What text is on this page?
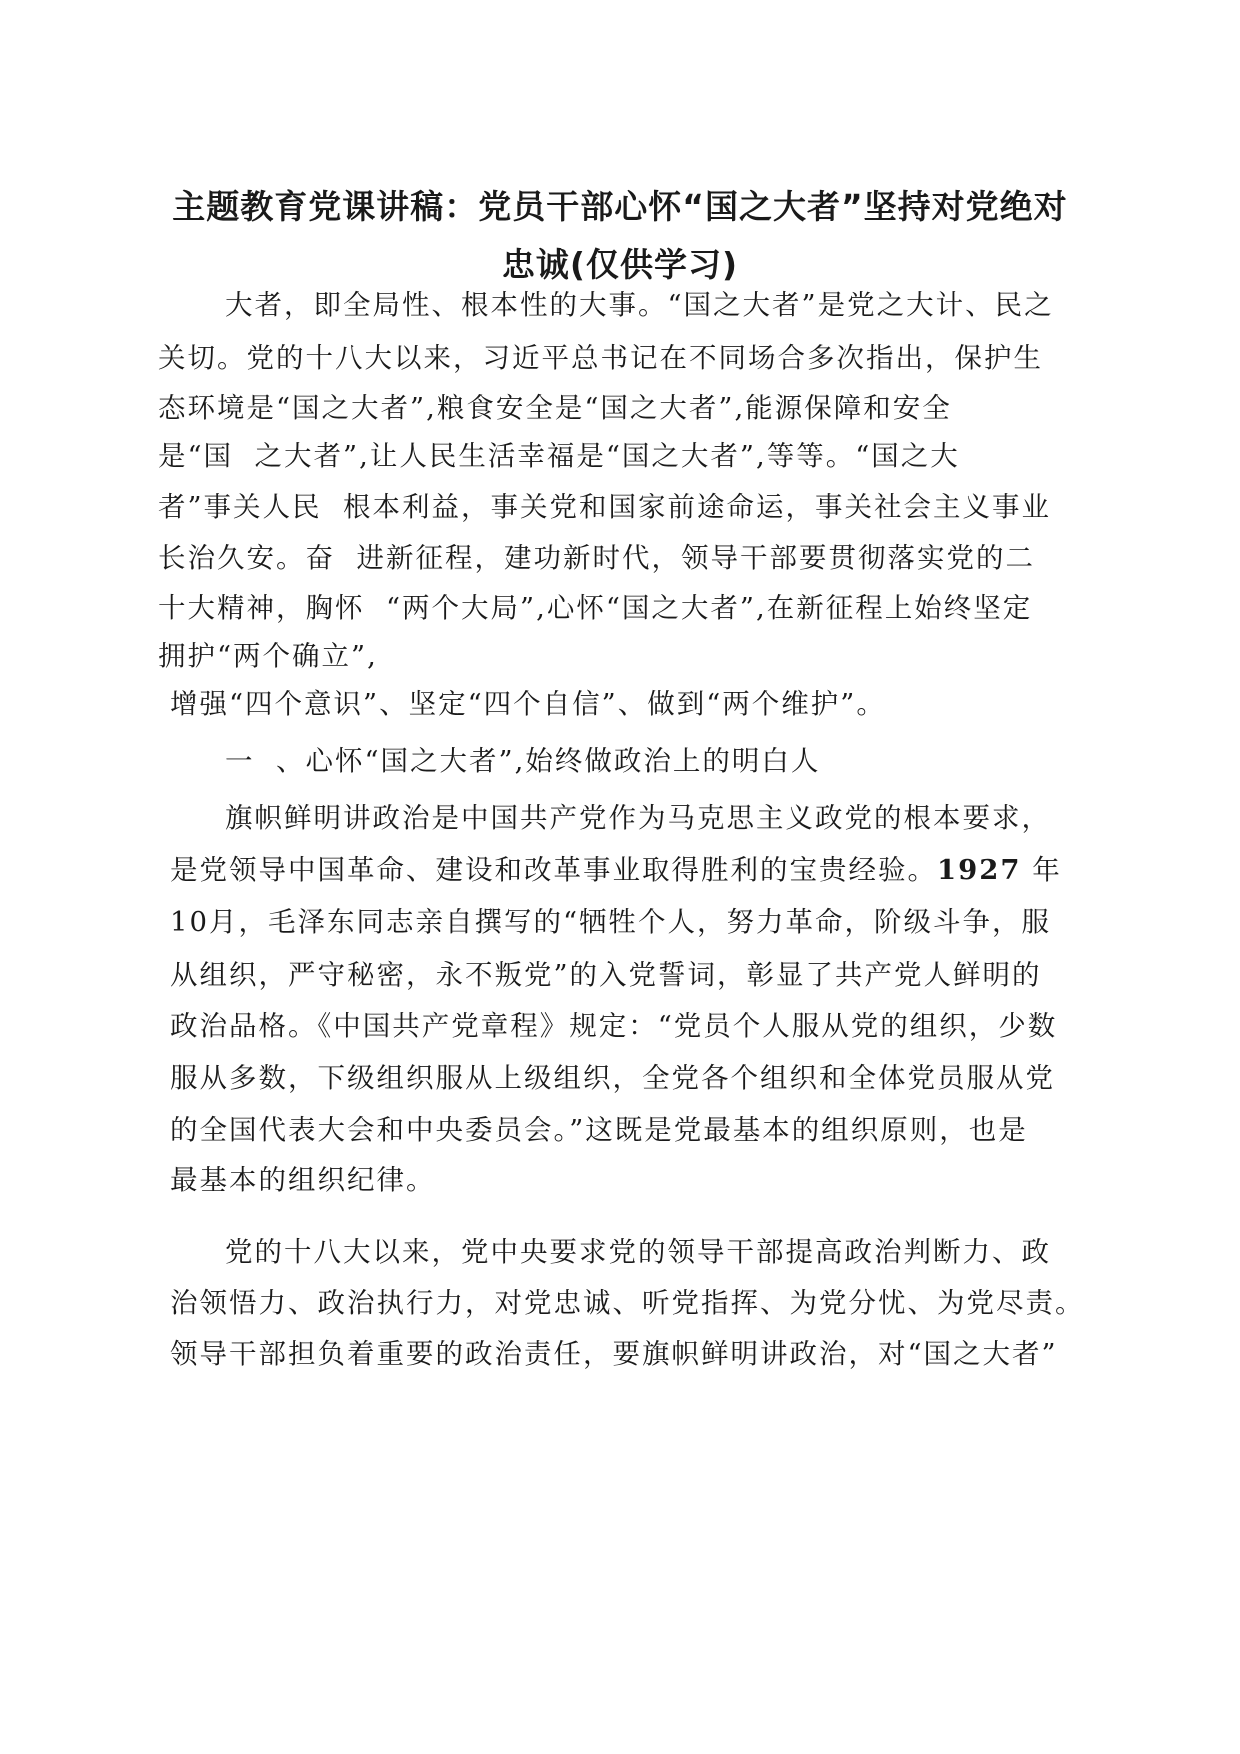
主题教育党课讲稿：党员干部心怀“国之大者”坚持对党绝对
忠诚(仅供学习)
大者，即全局性、根本性的大事。“国之大者”是党之大计、民之
关切。党的十八大以来，习近平总书记在不同场合多次指出，保护生
态环境是“国之大者”,粮食安全是“国之大者”,能源保障和安全
是“国  之大者”,让人民生活幸福是“国之大者”,等等。“国之大
者”事关人民  根本利益，事关党和国家前途命运，事关社会主义事业
长治久安。奋  进新征程，建功新时代，领导干部要贯彻落实党的二
十大精神，胸怀  “两个大局”,心怀“国之大者”,在新征程上始终坚定
拥护“两个确立”,
增强“四个意识”、坚定“四个自信”、做到“两个维护”。
一  、心怀“国之大者”,始终做政治上的明白人
旗帜鲜明讲政治是中国共产党作为马克思主义政党的根本要求，
是党领导中国革命、建设和改革事业取得胜利的宝贵经验。1927 年
10月，毛泽东同志亲自撰写的“牺牲个人，努力革命，阶级斗争，服
从组织，严守秘密，永不叛党”的入党誓词，彰显了共产党人鲜明的
政治品格。《中国共产党章程》规定：“党员个人服从党的组织，少数
服从多数，下级组织服从上级组织，全党各个组织和全体党员服从党
的全国代表大会和中央委员会。”这既是党最基本的组织原则，也是
最基本的组织纪律。
党的十八大以来，党中央要求党的领导干部提高政治判断力、政
治领悟力、政治执行力，对党忠诚、听党指挥、为党分忧、为党尽责。
领导干部担负着重要的政治责任，要旗帜鲜明讲政治，对“国之大者”
